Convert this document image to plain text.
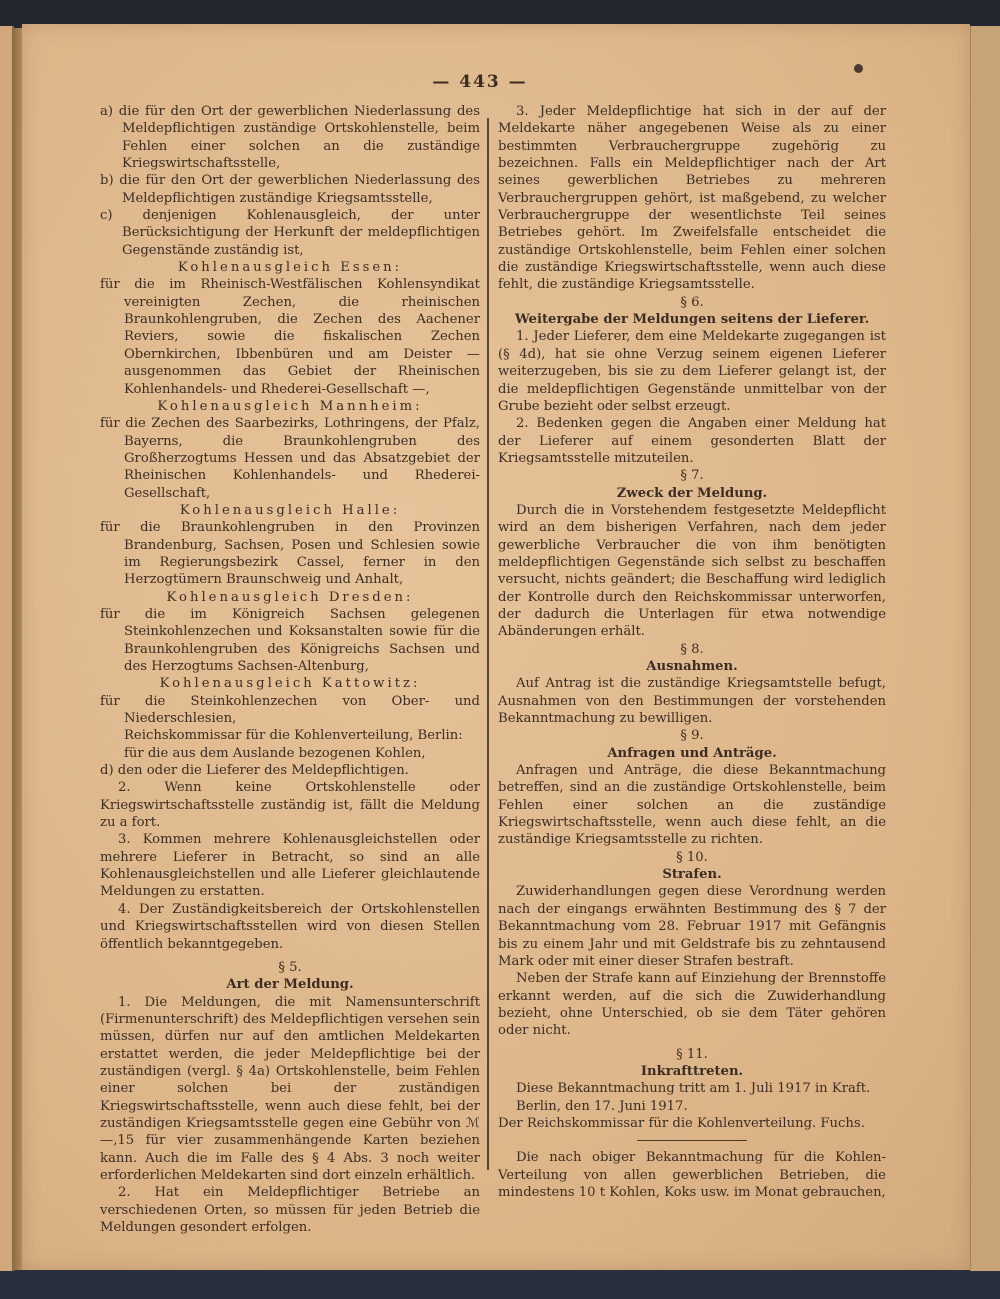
— 443 —

a) die für den Ort der gewerblichen Niederlassung des Meldepflichtigen zuständige Ortskohlenstelle, beim Fehlen einer solchen an die zuständige Kriegswirtschaftsstelle,

b) die für den Ort der gewerblichen Niederlassung des Meldepflichtigen zuständige Kriegsamtsstelle,

c) denjenigen Kohlenausgleich, der unter Berücksichtigung der Herkunft der meldepflichtigen Gegenstände zuständig ist,

Kohlenausgleich Essen:

für die im Rheinisch-Westfälischen Kohlensyndikat vereinigten Zechen, die rheinischen Braunkohlengruben, die Zechen des Aachener Reviers, sowie die fiskalischen Zechen Obernkirchen, Ibbenbüren und am Deister — ausgenommen das Gebiet der Rheinischen Kohlenhandels- und Rhederei-Gesellschaft —,

Kohlenausgleich Mannheim:

für die Zechen des Saarbezirks, Lothringens, der Pfalz, Bayerns, die Braunkohlengruben des Großherzogtums Hessen und das Absatzgebiet der Rheinischen Kohlenhandels- und Rhederei-Gesellschaft,

Kohlenausgleich Halle:

für die Braunkohlengruben in den Provinzen Brandenburg, Sachsen, Posen und Schlesien sowie im Regierungsbezirk Cassel, ferner in den Herzogtümern Braunschweig und Anhalt,

Kohlenausgleich Dresden:

für die im Königreich Sachsen gelegenen Steinkohlenzechen und Koksanstalten sowie für die Braunkohlengruben des Königreichs Sachsen und des Herzogtums Sachsen-Altenburg,

Kohlenausgleich Kattowitz:

für die Steinkohlenzechen von Ober- und Niederschlesien,

Reichskommissar für die Kohlenverteilung, Berlin:

für die aus dem Auslande bezogenen Kohlen,

d) den oder die Lieferer des Meldepflichtigen.

2. Wenn keine Ortskohlenstelle oder Kriegswirtschaftsstelle zuständig ist, fällt die Meldung zu a fort.

3. Kommen mehrere Kohlenausgleichstellen oder mehrere Lieferer in Betracht, so sind an alle Kohlenausgleichstellen und alle Lieferer gleichlautende Meldungen zu erstatten.

4. Der Zuständigkeitsbereich der Ortskohlenstellen und Kriegswirtschaftsstellen wird von diesen Stellen öffentlich bekanntgegeben.

§ 5.

Art der Meldung.

1. Die Meldungen, die mit Namensunterschrift (Firmenunterschrift) des Meldepflichtigen versehen sein müssen, dürfen nur auf den amtlichen Meldekarten erstattet werden, die jeder Meldepflichtige bei der zuständigen (vergl. § 4a) Ortskohlenstelle, beim Fehlen einer solchen bei der zuständigen Kriegswirtschaftsstelle, wenn auch diese fehlt, bei der zuständigen Kriegsamtsstelle gegen eine Gebühr von ℳ —,15 für vier zusammenhängende Karten beziehen kann. Auch die im Falle des § 4 Abs. 3 noch weiter erforderlichen Meldekarten sind dort einzeln erhältlich.

2. Hat ein Meldepflichtiger Betriebe an verschiedenen Orten, so müssen für jeden Betrieb die Meldungen gesondert erfolgen.

3. Jeder Meldepflichtige hat sich in der auf der Meldekarte näher angegebenen Weise als zu einer bestimmten Verbrauchergruppe zugehörig zu bezeichnen. Falls ein Meldepflichtiger nach der Art seines gewerblichen Betriebes zu mehreren Verbrauchergruppen gehört, ist maßgebend, zu welcher Verbrauchergruppe der wesentlichste Teil seines Betriebes gehört. Im Zweifelsfalle entscheidet die zuständige Ortskohlenstelle, beim Fehlen einer solchen die zuständige Kriegswirtschaftsstelle, wenn auch diese fehlt, die zuständige Kriegsamtsstelle.

§ 6.

Weitergabe der Meldungen seitens der Lieferer.

1. Jeder Lieferer, dem eine Meldekarte zugegangen ist (§ 4d), hat sie ohne Verzug seinem eigenen Lieferer weiterzugeben, bis sie zu dem Lieferer gelangt ist, der die meldepflichtigen Gegenstände unmittelbar von der Grube bezieht oder selbst erzeugt.

2. Bedenken gegen die Angaben einer Meldung hat der Lieferer auf einem gesonderten Blatt der Kriegsamtsstelle mitzuteilen.

§ 7.

Zweck der Meldung.

Durch die in Vorstehendem festgesetzte Meldepflicht wird an dem bisherigen Verfahren, nach dem jeder gewerbliche Verbraucher die von ihm benötigten meldepflichtigen Gegenstände sich selbst zu beschaffen versucht, nichts geändert; die Beschaffung wird lediglich der Kontrolle durch den Reichskommissar unterworfen, der dadurch die Unterlagen für etwa notwendige Abänderungen erhält.

§ 8.

Ausnahmen.

Auf Antrag ist die zuständige Kriegsamtstelle befugt, Ausnahmen von den Bestimmungen der vorstehenden Bekanntmachung zu bewilligen.

§ 9.

Anfragen und Anträge.

Anfragen und Anträge, die diese Bekanntmachung betreffen, sind an die zuständige Ortskohlenstelle, beim Fehlen einer solchen an die zuständige Kriegswirtschaftsstelle, wenn auch diese fehlt, an die zuständige Kriegsamtsstelle zu richten.

§ 10.

Strafen.

Zuwiderhandlungen gegen diese Verordnung werden nach der eingangs erwähnten Bestimmung des § 7 der Bekanntmachung vom 28. Februar 1917 mit Gefängnis bis zu einem Jahr und mit Geldstrafe bis zu zehntausend Mark oder mit einer dieser Strafen bestraft.

Neben der Strafe kann auf Einziehung der Brennstoffe erkannt werden, auf die sich die Zuwiderhandlung bezieht, ohne Unterschied, ob sie dem Täter gehören oder nicht.

§ 11.

Inkrafttreten.

Diese Bekanntmachung tritt am 1. Juli 1917 in Kraft.

Berlin, den 17. Juni 1917.

Der Reichskommissar für die Kohlenverteilung. Fuchs.

Die nach obiger Bekanntmachung für die Kohlen-Verteilung von allen gewerblichen Betrieben, die mindestens 10 t Kohlen, Koks usw. im Monat gebrauchen,
